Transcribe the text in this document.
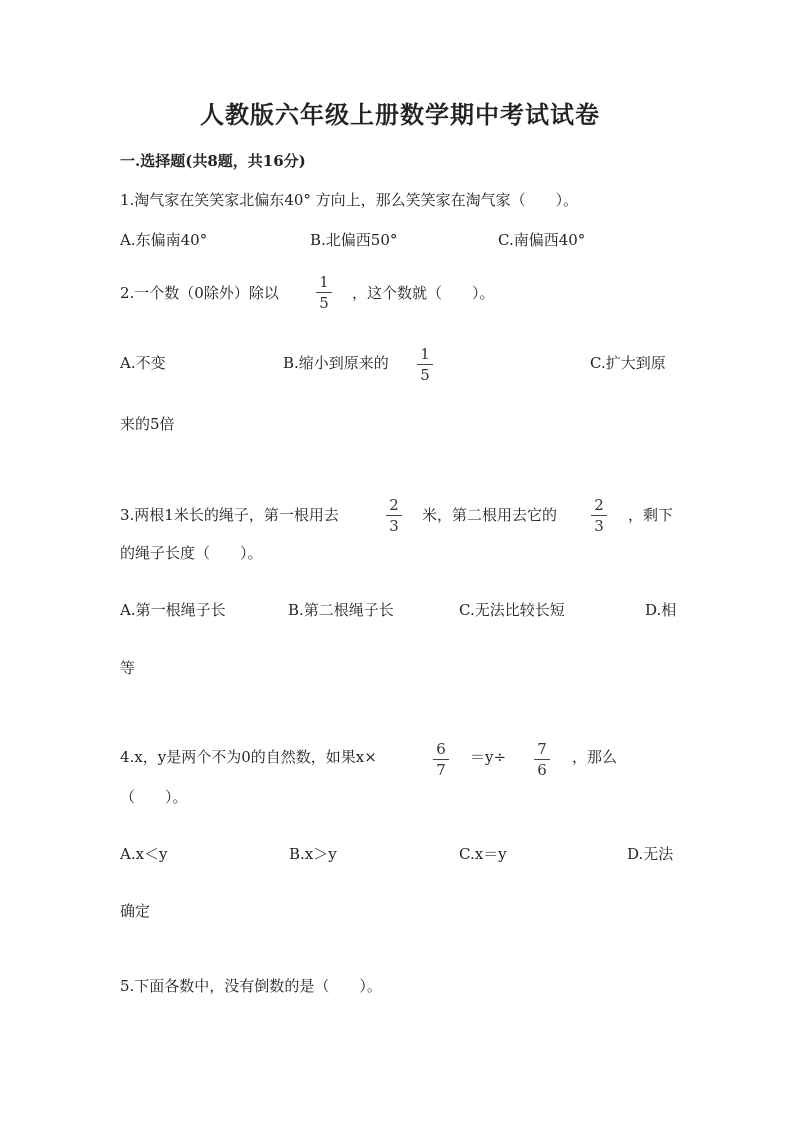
人教版六年级上册数学期中考试试卷
一.选择题(共8题，共16分)
1.淘气家在笑笑家北偏东40° 方向上，那么笑笑家在淘气家（　　）。
A.东偏南40°	B.北偏西50°	C.南偏西40°
2.一个数（0除外）除以
1
5
，这个数就（　　）。
A.不变	B.缩小到原来的	1
5
C.扩大到原
来的5倍
3.两根1米长的绳子，第一根用去
2
3
米，第二根用去它的
2
3
，剩下
的绳子长度（　　）。
A.第一根绳子长	B.第二根绳子长	C.无法比较长短	D.相
等
4.x，y是两个不为0的自然数，如果x×	6
7
＝y÷	7
6
，那么
（　　）。
A.x＜y	B.x＞y	C.x＝y	D.无法
确定
5.下面各数中，没有倒数的是（　　）。
